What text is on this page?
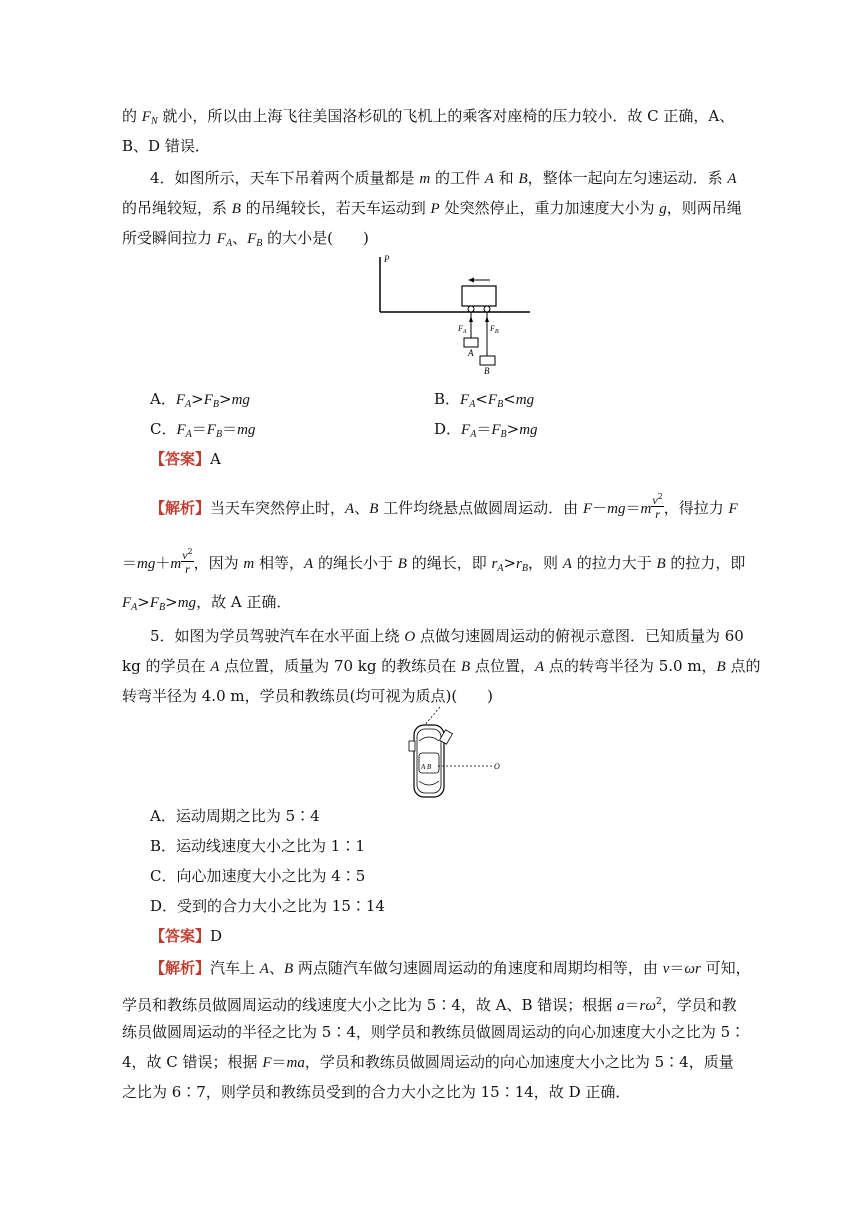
的 $F_N$ 就小，所以由上海飞往美国洛杉矶的飞机上的乘客对座椅的压力较小．故 C 正确，A、
B、D 错误．
4．如图所示，天车下吊着两个质量都是 m 的工件 A 和 B，整体一起向左匀速运动．系 A
的吊绳较短，系 B 的吊绳较长，若天车运动到 P 处突然停止，重力加速度大小为 g，则两吊绳
所受瞬间拉力 $F_A$、$F_B$ 的大小是(　　)
P
$F_A$	$F_B$
A
B
A．$F_A>F_B>mg$	B．$F_A<F_B<mg$
C．$F_A=F_B=mg$	D．$F_A=F_B>mg$
【答案】A
【解析】当天车突然停止时，A、B 工件均绕悬点做圆周运动．由 $F-mg=m \frac{v^2}{r}$ ，得拉力 F
$=mg+m \frac{v^2}{r}$ ，因为 m 相等，A 的绳长小于 B 的绳长，即 $r_A>r_B$，则 A 的拉力大于 B 的拉力，即
$F_A>F_B>mg$，故 A 正确．
5．如图为学员驾驶汽车在水平面上绕 O 点做匀速圆周运动的俯视示意图．已知质量为 60
kg 的学员在 A 点位置，质量为 70 kg 的教练员在 B 点位置，A 点的转弯半径为 5.0 m，B 点的
转弯半径为 4.0 m，学员和教练员(均可视为质点)(　　)
A B	O
A．运动周期之比为 5∶4
B．运动线速度大小之比为 1∶1
C．向心加速度大小之比为 4∶5
D．受到的合力大小之比为 15∶14
【答案】D
【解析】汽车上 A、B 两点随汽车做匀速圆周运动的角速度和周期均相等，由 v＝ωr 可知，
学员和教练员做圆周运动的线速度大小之比为 5∶4，故 A、B 错误；根据 $a=r\omega^2$，学员和教
练员做圆周运动的半径之比为 5∶4，则学员和教练员做圆周运动的向心加速度大小之比为 5∶
4，故 C 错误；根据 F＝ma，学员和教练员做圆周运动的向心加速度大小之比为 5∶4，质量
之比为 6∶7，则学员和教练员受到的合力大小之比为 15∶14，故 D 正确．
